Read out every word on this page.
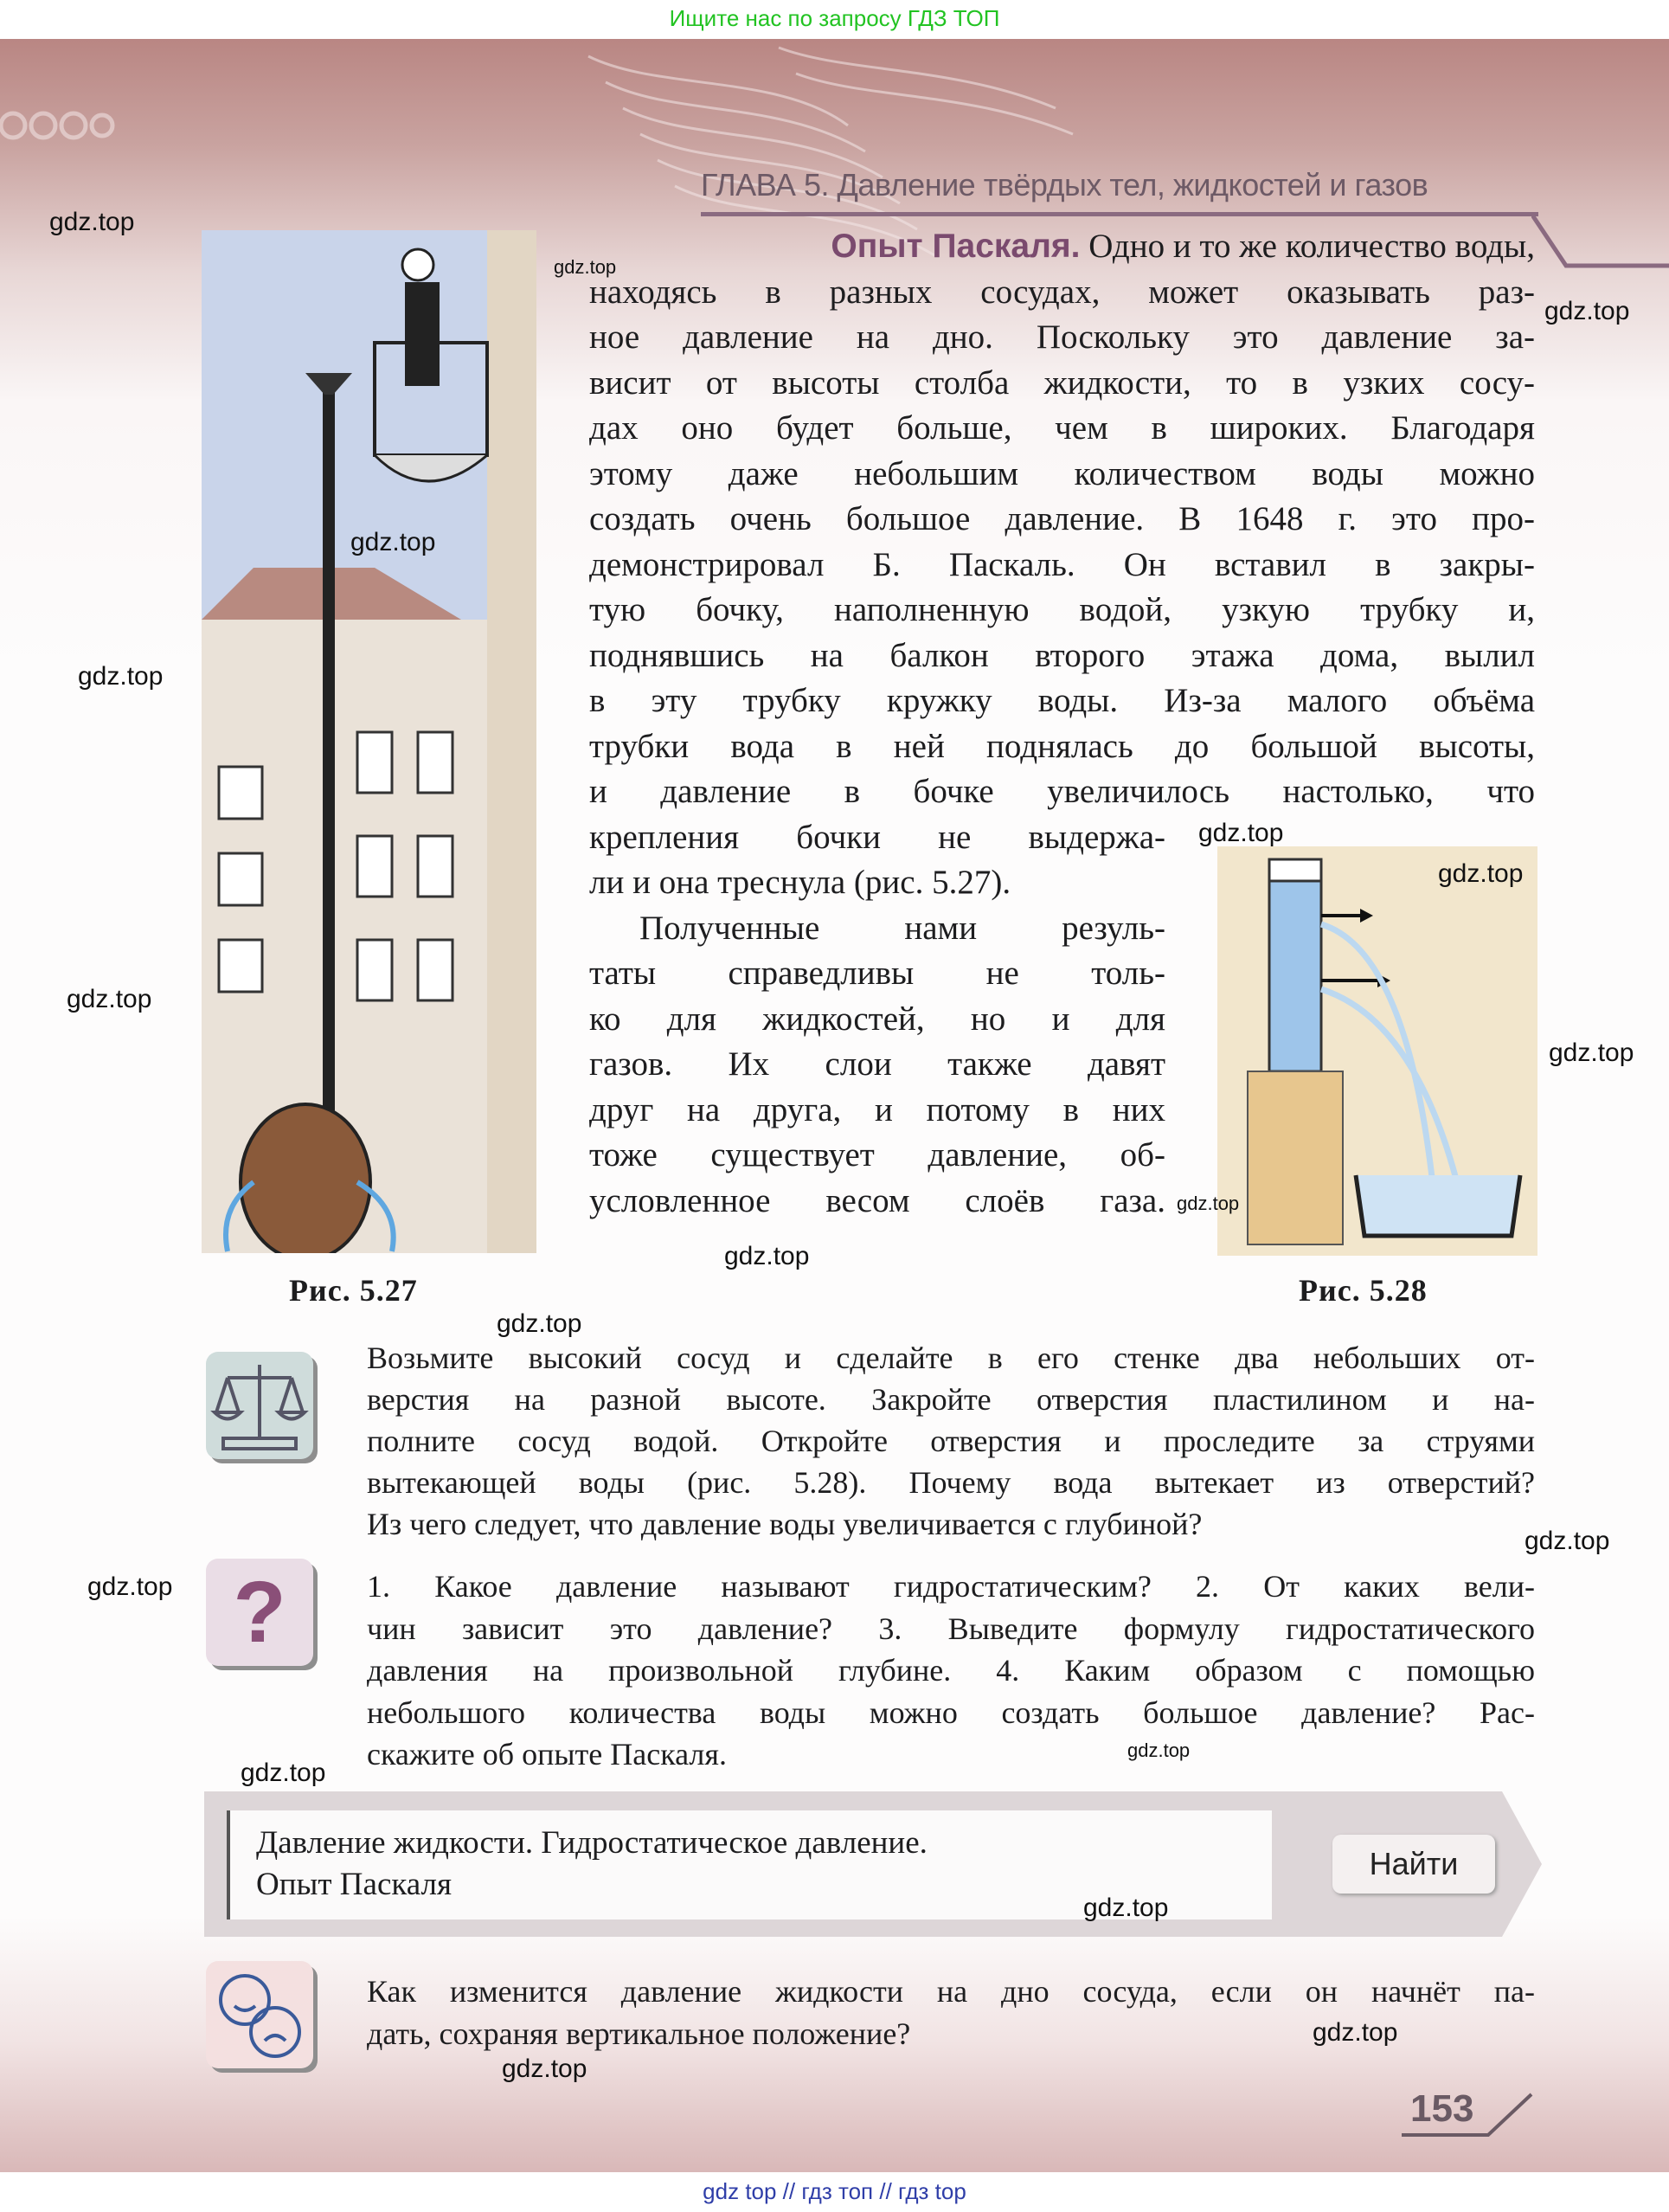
Ищите нас по запросу ГДЗ ТОП
ГЛАВА 5. Давление твёрдых тел, жидкостей и газов
Опыт Паскаля. Одно и то же количество воды,
находясь в разных сосудах, может оказывать раз-
ное давление на дно. Поскольку это давление за-
висит от высоты столба жидкости, то в узких сосу-
дах оно будет больше, чем в широких. Благодаря
этому даже небольшим количеством воды можно
создать очень большое давление. В 1648 г. это про-
демонстрировал Б. Паскаль. Он вставил в закры-
тую бочку, наполненную водой, узкую трубку и,
поднявшись на балкон второго этажа дома, вылил
в эту трубку кружку воды. Из-за малого объёма
трубки вода в ней поднялась до большой высоты,
и давление в бочке увеличилось настолько, что
крепления бочки не выдержа-
ли и она треснула (рис. 5.27).
Полученные нами резуль-
таты справедливы не толь-
ко для жидкостей, но и для
газов. Их слои также давят
друг на друга, и потому в них
тоже существует давление, об-
условленное весом слоёв газа.
Рис. 5.27	Рис. 5.28
Возьмите высокий сосуд и сделайте в его стенке два небольших от-
верстия на разной высоте. Закройте отверстия пластилином и на-
полните сосуд водой. Откройте отверстия и проследите за струями
вытекающей воды (рис. 5.28). Почему вода вытекает из отверстий?
Из чего следует, что давление воды увеличивается с глубиной?
?	1. Какое давление называют гидростатическим? 2. От каких вели-
чин зависит это давление? 3. Выведите формулу гидростатического
давления на произвольной глубине. 4. Каким образом с помощью
небольшого количества воды можно создать большое давление? Рас-
скажите об опыте Паскаля.
Давление жидкости. Гидростатическое давление.
Опыт Паскаля
Найти
Как изменится давление жидкости на дно сосуда, если он начнёт па-
дать, сохраняя вертикальное положение?
153
gdz.top
gdz.top
gdz.top
gdz.top
gdz.top
gdz.top
gdz.top
gdz.top
gdz.top
gdz.top
gdz.top
gdz.top
gdz.top
gdz.top
gdz.top
gdz.top
gdz.top
gdz.top
gdz.top
gdz top // гдз топ // гдз top
